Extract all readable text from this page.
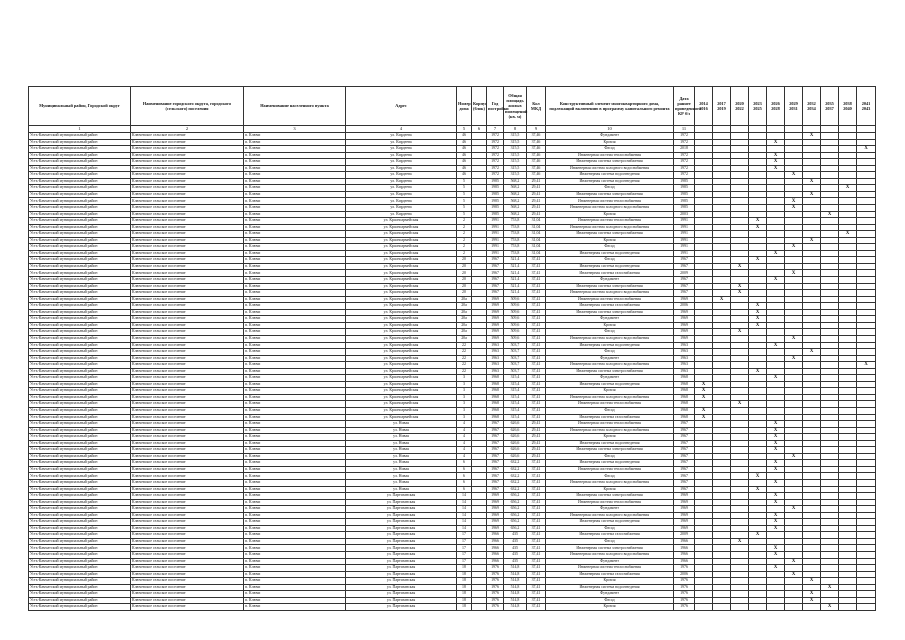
Муниципальный район, Городской округ	Наименование городского округа, городского (сельского) поселения	Наименование населенного пункта	Адрес	Номер дома	Корпус (блок)	Год постройки	Общая площадь жилых помещений (кв. м)	Кол МКД	Конструктивный элемент многоквартирного дома, подлежащий включению в программу капитального ремонта	Дата раннее проведенного КР б/з	2014 2016	2017 2019	2020 2022	2023 2025	2026 2028	2029 2031	2032 2034	2035 2037	2038 2040	2041 2043
1	2	3	4	5	6	7	8	9	10	11										
Усть-Камчатский муниципальный район	Ключевское сельское поселение	п. Ключи	ул. Кирдеева	46		1972	315,5	37,46	Фундамент	1972							X			
Усть-Камчатский муниципальный район	Ключевское сельское поселение	п. Ключи	ул. Кирдеева	46		1972	315,5	37,46	Кровля	1972					X					
Усть-Камчатский муниципальный район	Ключевское сельское поселение	п. Ключи	ул. Кирдеева	46		1972	315,5	37,46	Фасад	2018										X
Усть-Камчатский муниципальный район	Ключевское сельское поселение	п. Ключи	ул. Кирдеева	46		1972	315,5	37,46	Инженерная система теплоснабжения	1972					X					
Усть-Камчатский муниципальный район	Ключевское сельское поселение	п. Ключи	ул. Кирдеева	46		1972	315,5	37,46	Инженерная система электроснабжения	1972					X					
Усть-Камчатский муниципальный район	Ключевское сельское поселение	п. Ключи	ул. Кирдеева	46		1972	315,5	37,46	Инженерная система холодного водоснабжения	1972					X					
Усть-Камчатский муниципальный район	Ключевское сельское поселение	п. Ключи	ул. Кирдеева	46		1972	315,5	37,46	Инженерная система водоотведения	1972						X				
Усть-Камчатский муниципальный район	Ключевское сельское поселение	п. Ключи	ул. Кирдеева	5		1985	568,2	29,41	Инженерная система водоотведения	1985							X			
Усть-Камчатский муниципальный район	Ключевское сельское поселение	п. Ключи	ул. Кирдеева	5		1985	568,2	29,41	Фасад	1985									X	
Усть-Камчатский муниципальный район	Ключевское сельское поселение	п. Ключи	ул. Кирдеева	5		1985	568,2	29,41	Инженерная система электроснабжения	1985							X			
Усть-Камчатский муниципальный район	Ключевское сельское поселение	п. Ключи	ул. Кирдеева	5		1985	568,2	29,41	Инженерная система теплоснабжения	1985						X				
Усть-Камчатский муниципальный район	Ключевское сельское поселение	п. Ключи	ул. Кирдеева	5		1985	568,2	29,41	Инженерная система холодного водоснабжения	1985						X				
Усть-Камчатский муниципальный район	Ключевское сельское поселение	п. Ключи	ул. Кирдеева	5		1985	568,2	29,41	Кровля	2003								X		
Усть-Камчатский муниципальный район	Ключевское сельское поселение	п. Ключи	ул. Красноармейская	2		1991	753,8	31,04	Инженерная система теплоснабжения	1991				X						
Усть-Камчатский муниципальный район	Ключевское сельское поселение	п. Ключи	ул. Красноармейская	2		1991	753,8	31,04	Инженерная система холодного водоснабжения	1991				X						
Усть-Камчатский муниципальный район	Ключевское сельское поселение	п. Ключи	ул. Красноармейская	2		1991	753,8	31,04	Инженерная система электроснабжения	1991									X	
Усть-Камчатский муниципальный район	Ключевское сельское поселение	п. Ключи	ул. Красноармейская	2		1991	753,8	31,04	Кровля	1991							X			
Усть-Камчатский муниципальный район	Ключевское сельское поселение	п. Ключи	ул. Красноармейская	2		1991	753,8	31,04	Фасад	1991						X				
Усть-Камчатский муниципальный район	Ключевское сельское поселение	п. Ключи	ул. Красноармейская	2		1991	753,8	31,04	Инженерная система водоотведения	1991					X					
Усть-Камчатский муниципальный район	Ключевское сельское поселение	п. Ключи	ул. Красноармейская	20		1967	521,4	37,41	Фасад	1967				X						
Усть-Камчатский муниципальный район	Ключевское сельское поселение	п. Ключи	ул. Красноармейская	20		1967	521,4	37,41	Инженерная система водоотведения	1967			X							
Усть-Камчатский муниципальный район	Ключевское сельское поселение	п. Ключи	ул. Красноармейская	20		1967	521,4	37,41	Инженерная система газоснабжения	2009						X				
Усть-Камчатский муниципальный район	Ключевское сельское поселение	п. Ключи	ул. Красноармейская	20		1967	521,4	37,41	Фундамент	1967					X					
Усть-Камчатский муниципальный район	Ключевское сельское поселение	п. Ключи	ул. Красноармейская	20		1967	521,4	37,41	Инженерная система электроснабжения	1967			X							
Усть-Камчатский муниципальный район	Ключевское сельское поселение	п. Ключи	ул. Красноармейская	20		1967	521,4	37,41	Инженерная система холодного водоснабжения	1967			X							
Усть-Камчатский муниципальный район	Ключевское сельское поселение	п. Ключи	ул. Красноармейская	20а		1969	509,6	37,41	Инженерная система теплоснабжения	1969		X								
Усть-Камчатский муниципальный район	Ключевское сельское поселение	п. Ключи	ул. Красноармейская	20а		1969	509,6	37,41	Инженерная система газоснабжения	2006				X						
Усть-Камчатский муниципальный район	Ключевское сельское поселение	п. Ключи	ул. Красноармейская	20а		1969	509,6	37,41	Инженерная система электроснабжения	1969				X						
Усть-Камчатский муниципальный район	Ключевское сельское поселение	п. Ключи	ул. Красноармейская	20а		1969	509,6	37,41	Фундамент	1969				X						
Усть-Камчатский муниципальный район	Ключевское сельское поселение	п. Ключи	ул. Красноармейская	20а		1969	509,6	37,41	Кровля	1969				X						
Усть-Камчатский муниципальный район	Ключевское сельское поселение	п. Ключи	ул. Красноармейская	20а		1969	509,6	37,41	Фасад	1969			X							
Усть-Камчатский муниципальный район	Ключевское сельское поселение	п. Ключи	ул. Красноармейская	20а		1969	509,6	37,41	Инженерная система холодного водоснабжения	1969						X				
Усть-Камчатский муниципальный район	Ключевское сельское поселение	п. Ключи	ул. Красноармейская	22		1963	503,7	37,41	Инженерная система водоотведения	1963					X					
Усть-Камчатский муниципальный район	Ключевское сельское поселение	п. Ключи	ул. Красноармейская	22		1963	503,7	37,41	Фасад	1963							X			
Усть-Камчатский муниципальный район	Ключевское сельское поселение	п. Ключи	ул. Красноармейская	22		1963	503,7	37,41	Фундамент	1963						X				
Усть-Камчатский муниципальный район	Ключевское сельское поселение	п. Ключи	ул. Красноармейская	22		1963	503,7	37,41	Инженерная система холодного водоснабжения	1963										X
Усть-Камчатский муниципальный район	Ключевское сельское поселение	п. Ключи	ул. Красноармейская	22		1963	503,7	37,41	Инженерная система электроснабжения	1963				X						
Усть-Камчатский муниципальный район	Ключевское сельское поселение	п. Ключи	ул. Красноармейская	3		1968	315,4	37,41	Фундамент	1968					X					
Усть-Камчатский муниципальный район	Ключевское сельское поселение	п. Ключи	ул. Красноармейская	3		1968	315,4	37,41	Инженерная система водоотведения	1968	X									
Усть-Камчатский муниципальный район	Ключевское сельское поселение	п. Ключи	ул. Красноармейская	3		1968	315,4	37,41	Кровля	1968	X									
Усть-Камчатский муниципальный район	Ключевское сельское поселение	п. Ключи	ул. Красноармейская	3		1968	315,4	37,41	Инженерная система холодного водоснабжения	1968	X									
Усть-Камчатский муниципальный район	Ключевское сельское поселение	п. Ключи	ул. Красноармейская	3		1968	315,4	37,41	Инженерная система теплоснабжения	1968			X							
Усть-Камчатский муниципальный район	Ключевское сельское поселение	п. Ключи	ул. Красноармейская	3		1968	315,4	37,41	Фасад	1968	X									
Усть-Камчатский муниципальный район	Ключевское сельское поселение	п. Ключи	ул. Красноармейская	3		1968	315,4	37,41	Инженерная система газоснабжения	1968	X									
Усть-Камчатский муниципальный район	Ключевское сельское поселение	п. Ключи	ул. Новая	4		1967	626,6	29,41	Инженерная система теплоснабжения	1967					X					
Усть-Камчатский муниципальный район	Ключевское сельское поселение	п. Ключи	ул. Новая	4		1967	626,6	29,41	Инженерная система холодного водоснабжения	1967					X					
Усть-Камчатский муниципальный район	Ключевское сельское поселение	п. Ключи	ул. Новая	4		1967	626,6	29,41	Кровля	1967					X					
Усть-Камчатский муниципальный район	Ключевское сельское поселение	п. Ключи	ул. Новая	4		1967	626,6	29,41	Инженерная система водоотведения	1967					X					
Усть-Камчатский муниципальный район	Ключевское сельское поселение	п. Ключи	ул. Новая	4		1967	626,6	29,41	Инженерная система электроснабжения	1967					X					
Усть-Камчатский муниципальный район	Ключевское сельское поселение	п. Ключи	ул. Новая	4		1967	626,6	29,41	Фасад	1967						X				
Усть-Камчатский муниципальный район	Ключевское сельское поселение	п. Ключи	ул. Новая	6		1967	632,2	37,41	Инженерная система водоотведения	1967					X					
Усть-Камчатский муниципальный район	Ключевское сельское поселение	п. Ключи	ул. Новая	6		1967	632,2	37,41	Инженерная система теплоснабжения	1967					X					
Усть-Камчатский муниципальный район	Ключевское сельское поселение	п. Ключи	ул. Новая	6		1967	632,2	37,41	Фасад	1967				X						
Усть-Камчатский муниципальный район	Ключевское сельское поселение	п. Ключи	ул. Новая	6		1967	632,2	37,41	Инженерная система холодного водоснабжения	1967					X					
Усть-Камчатский муниципальный район	Ключевское сельское поселение	п. Ключи	ул. Новая	6		1967	632,2	37,41	Кровля	1967				X						
Усть-Камчатский муниципальный район	Ключевское сельское поселение	п. Ключи	ул. Партизанская	14		1969	656,2	37,41	Инженерная система электроснабжения	1969					X					
Усть-Камчатский муниципальный район	Ключевское сельское поселение	п. Ключи	ул. Партизанская	14		1969	656,2	37,41	Инженерная система теплоснабжения	1969					X					
Усть-Камчатский муниципальный район	Ключевское сельское поселение	п. Ключи	ул. Партизанская	14		1969	656,2	37,41	Фундамент	1969						X				
Усть-Камчатский муниципальный район	Ключевское сельское поселение	п. Ключи	ул. Партизанская	14		1969	656,2	37,41	Инженерная система холодного водоснабжения	1969					X					
Усть-Камчатский муниципальный район	Ключевское сельское поселение	п. Ключи	ул. Партизанская	14		1969	656,2	37,41	Инженерная система водоотведения	1969					X					
Усть-Камчатский муниципальный район	Ключевское сельское поселение	п. Ключи	ул. Партизанская	14		1969	656,2	37,41	Фасад	1969					X					
Усть-Камчатский муниципальный район	Ключевское сельское поселение	п. Ключи	ул. Партизанская	17		1966	435	37,41	Инженерная система газоснабжения	2009				X						
Усть-Камчатский муниципальный район	Ключевское сельское поселение	п. Ключи	ул. Партизанская	17		1966	435	37,41	Фасад	1966			X							
Усть-Камчатский муниципальный район	Ключевское сельское поселение	п. Ключи	ул. Партизанская	17		1966	435	37,41	Инженерная система электроснабжения	1966					X					
Усть-Камчатский муниципальный район	Ключевское сельское поселение	п. Ключи	ул. Партизанская	17		1966	435	37,41	Инженерная система холодного водоснабжения	1966					X					
Усть-Камчатский муниципальный район	Ключевское сельское поселение	п. Ключи	ул. Партизанская	17		1966	435	37,41	Фундамент	1966						X				
Усть-Камчатский муниципальный район	Ключевское сельское поселение	п. Ключи	ул. Партизанская	18		1976	514,8	37,41	Инженерная система теплоснабжения	1976					X					
Усть-Камчатский муниципальный район	Ключевское сельское поселение	п. Ключи	ул. Партизанская	18		1976	514,8	37,41	Инженерная система газоснабжения	2006						X				
Усть-Камчатский муниципальный район	Ключевское сельское поселение	п. Ключи	ул. Партизанская	18		1976	514,8	37,41	Кровля	1976							X			
Усть-Камчатский муниципальный район	Ключевское сельское поселение	п. Ключи	ул. Партизанская	18		1976	514,8	37,41	Инженерная система водоотведения	1976								X		
Усть-Камчатский муниципальный район	Ключевское сельское поселение	п. Ключи	ул. Партизанская	18		1976	514,8	37,41	Фундамент	1976							X			
Усть-Камчатский муниципальный район	Ключевское сельское поселение	п. Ключи	ул. Партизанская	18		1976	514,8	37,41	Фасад	1976							X			
Усть-Камчатский муниципальный район	Ключевское сельское поселение	п. Ключи	ул. Партизанская	18		1976	514,8	37,41	Кровля	1976								X		
